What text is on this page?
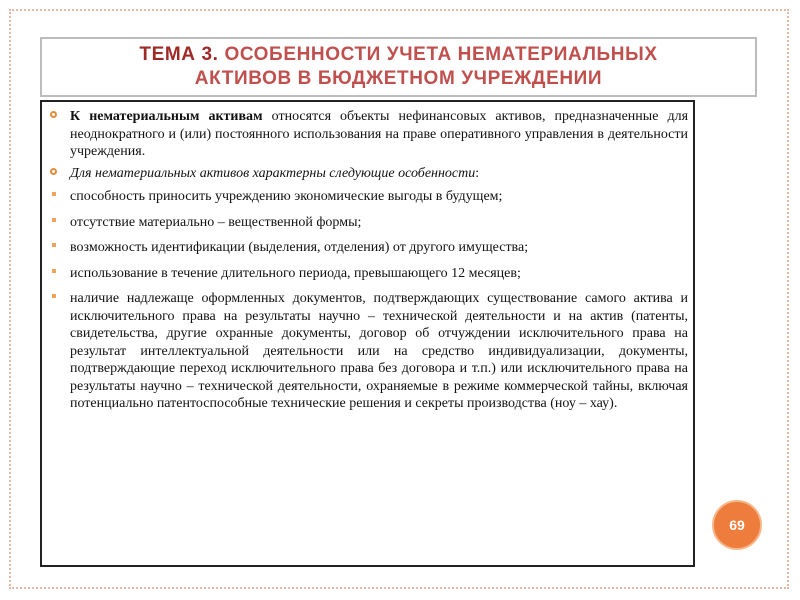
ТЕМА 3. ОСОБЕННОСТИ УЧЕТА НЕМАТЕРИАЛЬНЫХ
АКТИВОВ В БЮДЖЕТНОМ УЧРЕЖДЕНИИ
К нематериальным активам относятся объекты нефинансовых активов, предназначенные для неоднократного и (или) постоянного использования на праве оперативного управления в деятельности учреждения.
Для нематериальных активов характерны следующие особенности:
способность приносить учреждению экономические выгоды в будущем;
отсутствие материально – вещественной формы;
возможность идентификации (выделения, отделения) от другого имущества;
использование в течение длительного периода, превышающего 12 месяцев;
наличие надлежаще оформленных документов, подтверждающих существование самого актива и исключительного права на результаты научно – технической деятельности и на актив (патенты, свидетельства, другие охранные документы, договор об отчуждении исключительного права на результат интеллектуальной деятельности или на средство индивидуализации, документы, подтверждающие переход исключительного права без договора и т.п.) или исключительного права на результаты научно – технической деятельности, охраняемые в режиме коммерческой тайны, включая потенциально патентоспособные технические решения и секреты производства (ноу – хау).
69
